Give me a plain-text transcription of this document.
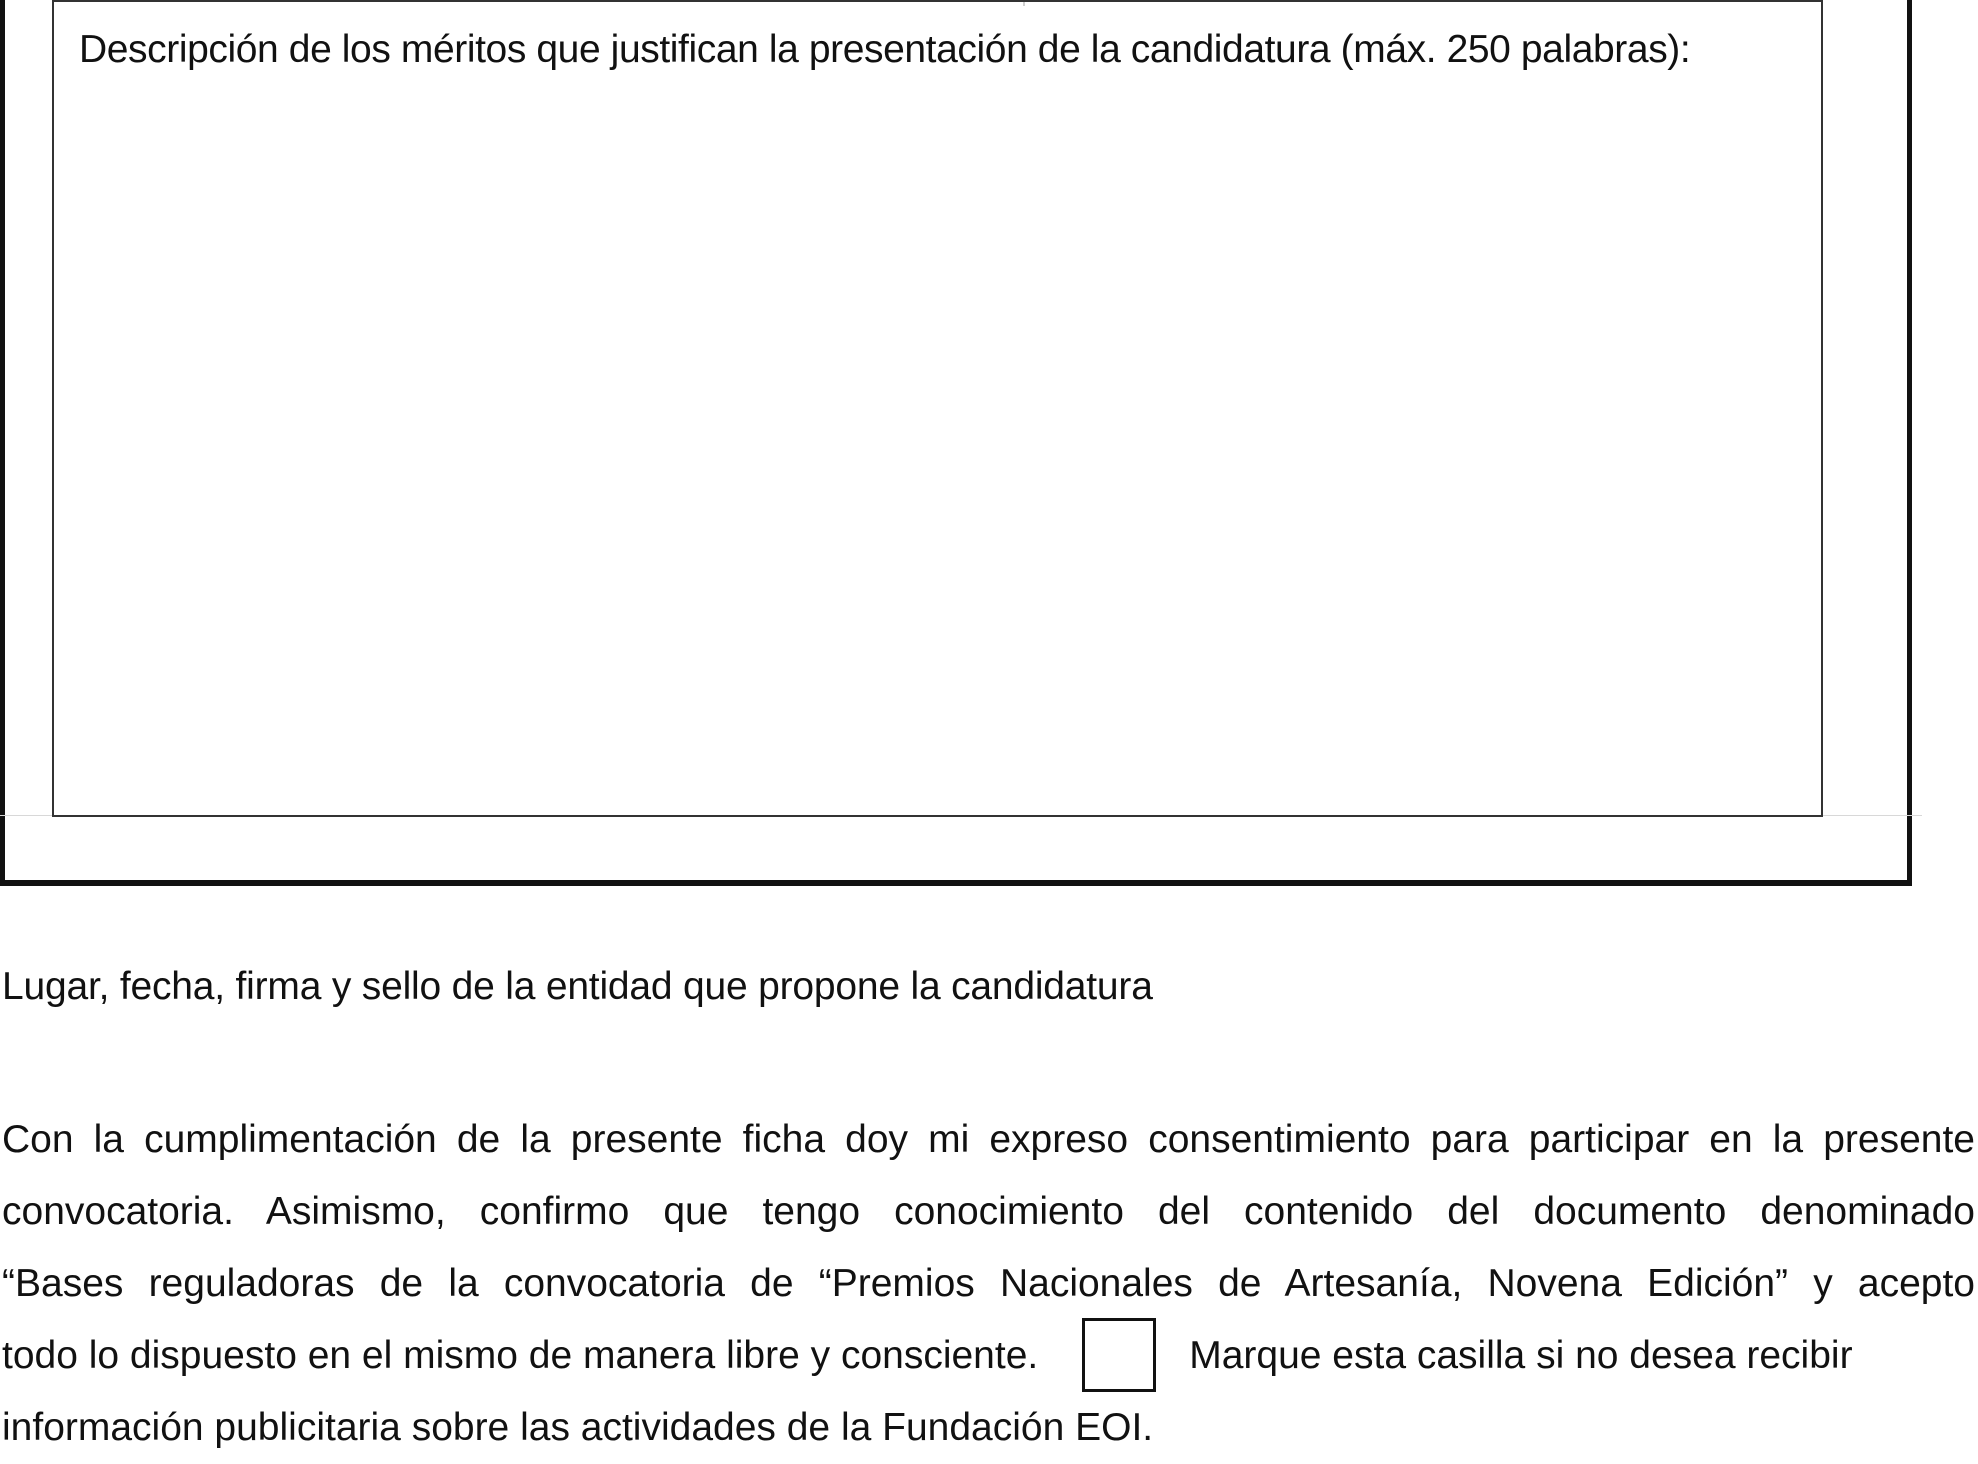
Descripción de los méritos que justifican la presentación de la candidatura (máx. 250 palabras):
Lugar, fecha, firma y sello de la entidad que propone la candidatura
Con la cumplimentación de la presente ficha doy mi expreso consentimiento para participar en la presente
convocatoria. Asimismo, confirmo que tengo conocimiento del contenido del documento denominado
“Bases reguladoras de la convocatoria de “Premios Nacionales de Artesanía, Novena Edición” y acepto
todo lo dispuesto en el mismo de manera libre y consciente.	Marque esta casilla si no desea recibir
información publicitaria sobre las actividades de la Fundación EOI.
